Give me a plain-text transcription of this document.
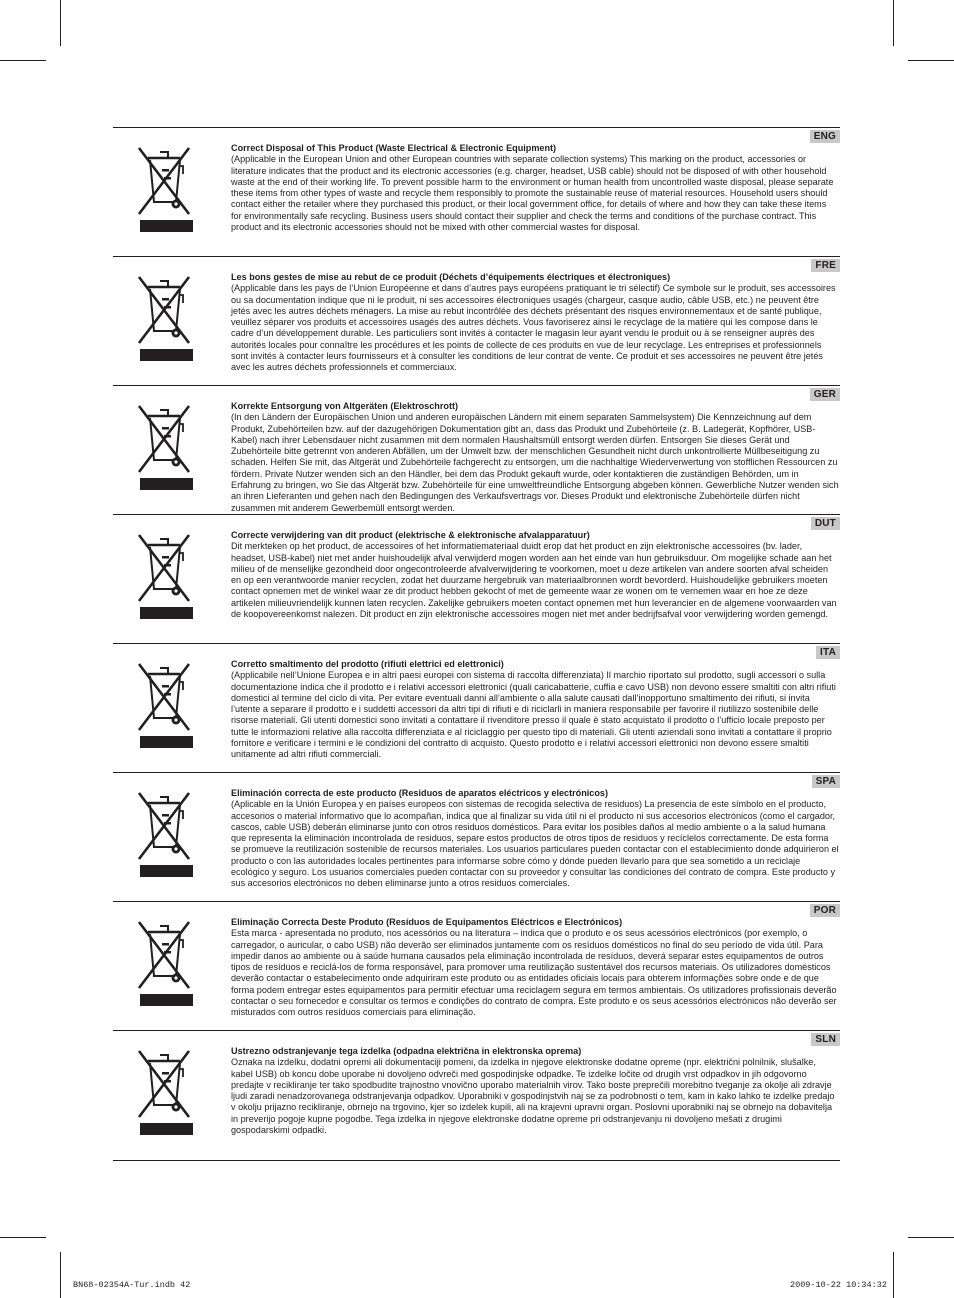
ENG
Correct Disposal of This Product (Waste Electrical & Electronic Equipment)
(Applicable in the European Union and other European countries with separate collection systems) This marking on the product, accessories or literature indicates that the product and its electronic accessories (e.g. charger, headset, USB cable) should not be disposed of with other household waste at the end of their working life. To prevent possible harm to the environment or human health from uncontrolled waste disposal, please separate these items from other types of waste and recycle them responsibly to promote the sustainable reuse of material resources. Household users should contact either the retailer where they purchased this product, or their local government office, for details of where and how they can take these items for environmentally safe recycling. Business users should contact their supplier and check the terms and conditions of the purchase contract. This product and its electronic accessories should not be mixed with other commercial wastes for disposal.
FRE
Les bons gestes de mise au rebut de ce produit (Déchets d’équipements électriques et électroniques)
(Applicable dans les pays de l’Union Européenne et dans d’autres pays européens pratiquant le tri sélectif) Ce symbole sur le produit, ses accessoires ou sa documentation indique que ni le produit, ni ses accessoires électroniques usagés (chargeur, casque audio, câble USB, etc.) ne peuvent être jetés avec les autres déchets ménagers. La mise au rebut incontrôlée des déchets présentant des risques environnementaux et de santé publique, veuillez séparer vos produits et accessoires usagés des autres déchets. Vous favoriserez ainsi le recyclage de la matière qui les compose dans le cadre d’un développement durable. Les particuliers sont invités à contacter le magasin leur ayant vendu le produit ou à se renseigner auprès des autorités locales pour connaître les procédures et les points de collecte de ces produits en vue de leur recyclage. Les entreprises et professionnels sont invités à contacter leurs fournisseurs et à consulter les conditions de leur contrat de vente. Ce produit et ses accessoires ne peuvent être jetés avec les autres déchets professionnels et commerciaux.
GER
Korrekte Entsorgung von Altgeräten (Elektroschrott)
(In den Ländern der Europäischen Union und anderen europäischen Ländern mit einem separaten Sammelsystem) Die Kennzeichnung auf dem Produkt, Zubehörteilen bzw. auf der dazugehörigen Dokumentation gibt an, dass das Produkt und Zubehörteile (z. B. Ladegerät, Kopfhörer, USB-Kabel) nach ihrer Lebensdauer nicht zusammen mit dem normalen Haushaltsmüll entsorgt werden dürfen. Entsorgen Sie dieses Gerät und Zubehörteile bitte getrennt von anderen Abfällen, um der Umwelt bzw. der menschlichen Gesundheit nicht durch unkontrollierte Müllbeseitigung zu schaden. Helfen Sie mit, das Altgerät und Zubehörteile fachgerecht zu entsorgen, um die nachhaltige Wiederverwertung von stofflichen Ressourcen zu fördern. Private Nutzer wenden sich an den Händler, bei dem das Produkt gekauft wurde, oder kontaktieren die zuständigen Behörden, um in Erfahrung zu bringen, wo Sie das Altgerät bzw. Zubehörteile für eine umweltfreundliche Entsorgung abgeben können. Gewerbliche Nutzer wenden sich an ihren Lieferanten und gehen nach den Bedingungen des Verkaufsvertrags vor. Dieses Produkt und elektronische Zubehörteile dürfen nicht zusammen mit anderem Gewerbemüll entsorgt werden.
DUT
Correcte verwijdering van dit product (elektrische & elektronische afvalapparatuur)
Dit merkteken op het product, de accessoires of het informatiemateriaal duidt erop dat het product en zijn elektronische accessoires (bv. lader, headset, USB-kabel) niet met ander huishoudelijk afval verwijderd mogen worden aan het einde van hun gebruiksduur. Om mogelijke schade aan het milieu of de menselijke gezondheid door ongecontroleerde afvalverwijdering te voorkomen, moet u deze artikelen van andere soorten afval scheiden en op een verantwoorde manier recyclen, zodat het duurzame hergebruik van materiaalbronnen wordt bevorderd. Huishoudelijke gebruikers moeten contact opnemen met de winkel waar ze dit product hebben gekocht of met de gemeente waar ze wonen om te vernemen waar en hoe ze deze artikelen milieuvriendelijk kunnen laten recyclen. Zakelijke gebruikers moeten contact opnemen met hun leverancier en de algemene voorwaarden van de koopovereenkomst nalezen. Dit product en zijn elektronische accessoires mogen niet met ander bedrijfsafval voor verwijdering worden gemengd.
ITA
Corretto smaltimento del prodotto (rifiuti elettrici ed elettronici)
(Applicabile nell’Unione Europea e in altri paesi europei con sistema di raccolta differenziata) Il marchio riportato sul prodotto, sugli accessori o sulla documentazione indica che il prodotto e i relativi accessori elettronici (quali caricabatterie, cuffia e cavo USB) non devono essere smaltiti con altri rifiuti domestici al termine del ciclo di vita. Per evitare eventuali danni all’ambiente o alla salute causati dall’inopportuno smaltimento dei rifiuti, si invita l’utente a separare il prodotto e i suddetti accessori da altri tipi di rifiuti e di riciclarli in maniera responsabile per favorire il riutilizzo sostenibile delle risorse materiali. Gli utenti domestici sono invitati a contattare il rivenditore presso il quale è stato acquistato il prodotto o l’ufficio locale preposto per tutte le informazioni relative alla raccolta differenziata e al riciclaggio per questo tipo di materiali. Gli utenti aziendali sono invitati a contattare il proprio fornitore e verificare i termini e le condizioni del contratto di acquisto. Questo prodotto e i relativi accessori elettronici non devono essere smaltiti unitamente ad altri rifiuti commerciali.
SPA
Eliminación correcta de este producto (Residuos de aparatos eléctricos y electrónicos)
(Aplicable en la Unión Europea y en países europeos con sistemas de recogida selectiva de residuos) La presencia de este símbolo en el producto, accesorios o material informativo que lo acompañan, indica que al finalizar su vida útil ni el producto ni sus accesorios electrónicos (como el cargador, cascos, cable USB) deberán eliminarse junto con otros residuos domésticos. Para evitar los posibles daños al medio ambiente o a la salud humana que representa la eliminación incontrolada de residuos, separe estos productos de otros tipos de residuos y recíclelos correctamente. De esta forma se promueve la reutilización sostenible de recursos materiales. Los usuarios particulares pueden contactar con el establecimiento donde adquirieron el producto o con las autoridades locales pertinentes para informarse sobre cómo y dónde pueden llevarlo para que sea sometido a un reciclaje ecológico y seguro. Los usuarios comerciales pueden contactar con su proveedor y consultar las condiciones del contrato de compra. Este producto y sus accesorios electrónicos no deben eliminarse junto a otros residuos comerciales.
POR
Eliminação Correcta Deste Produto (Resíduos de Equipamentos Eléctricos e Electrónicos)
Esta marca - apresentada no produto, nos acessórios ou na literatura – indica que o produto e os seus acessórios electrónicos (por exemplo, o carregador, o auricular, o cabo USB) não deverão ser eliminados juntamente com os resíduos domésticos no final do seu período de vida útil. Para impedir danos ao ambiente ou à saúde humana causados pela eliminação incontrolada de resíduos, deverá separar estes equipamentos de outros tipos de resíduos e reciclá-los de forma responsável, para promover uma reutilização sustentável dos recursos materiais. Os utilizadores domésticos deverão contactar o estabelecimento onde adquiriram este produto ou as entidades oficiais locais para obterem informações sobre onde e de que forma podem entregar estes equipamentos para permitir efectuar uma reciclagem segura em termos ambientais. Os utilizadores profissionais deverão contactar o seu fornecedor e consultar os termos e condições do contrato de compra. Este produto e os seus acessórios electrónicos não deverão ser misturados com outros resíduos comerciais para eliminação.
SLN
Ustrezno odstranjevanje tega izdelka (odpadna električna in elektronska oprema)
Oznaka na izdelku, dodatni opremi ali dokumentaciji pomeni, da izdelka in njegove elektronske dodatne opreme (npr. električni polnilnik, slušalke, kabel USB) ob koncu dobe uporabe ni dovoljeno odvreči med gospodinjske odpadke. Te izdelke ločite od drugih vrst odpadkov in jih odgovorno predajte v recikliranje ter tako spodbudite trajnostno vnovično uporabo materialnih virov. Tako boste preprečili morebitno tveganje za okolje ali zdravje ljudi zaradi nenadzorovanega odstranjevanja odpadkov. Uporabniki v gospodinjstvih naj se za podrobnosti o tem, kam in kako lahko te izdelke predajo v okolju prijazno recikliranje, obrnejo na trgovino, kjer so izdelek kupili, ali na krajevni upravni organ. Poslovni uporabniki naj se obrnejo na dobavitelja in preverijo pogoje kupne pogodbe. Tega izdelka in njegove elektronske dodatne opreme pri odstranjevanju ni dovoljeno mešati z drugimi gospodarskimi odpadki.
BN68-02354A-Tur.indb 42	2009-10-22 10:34:32
